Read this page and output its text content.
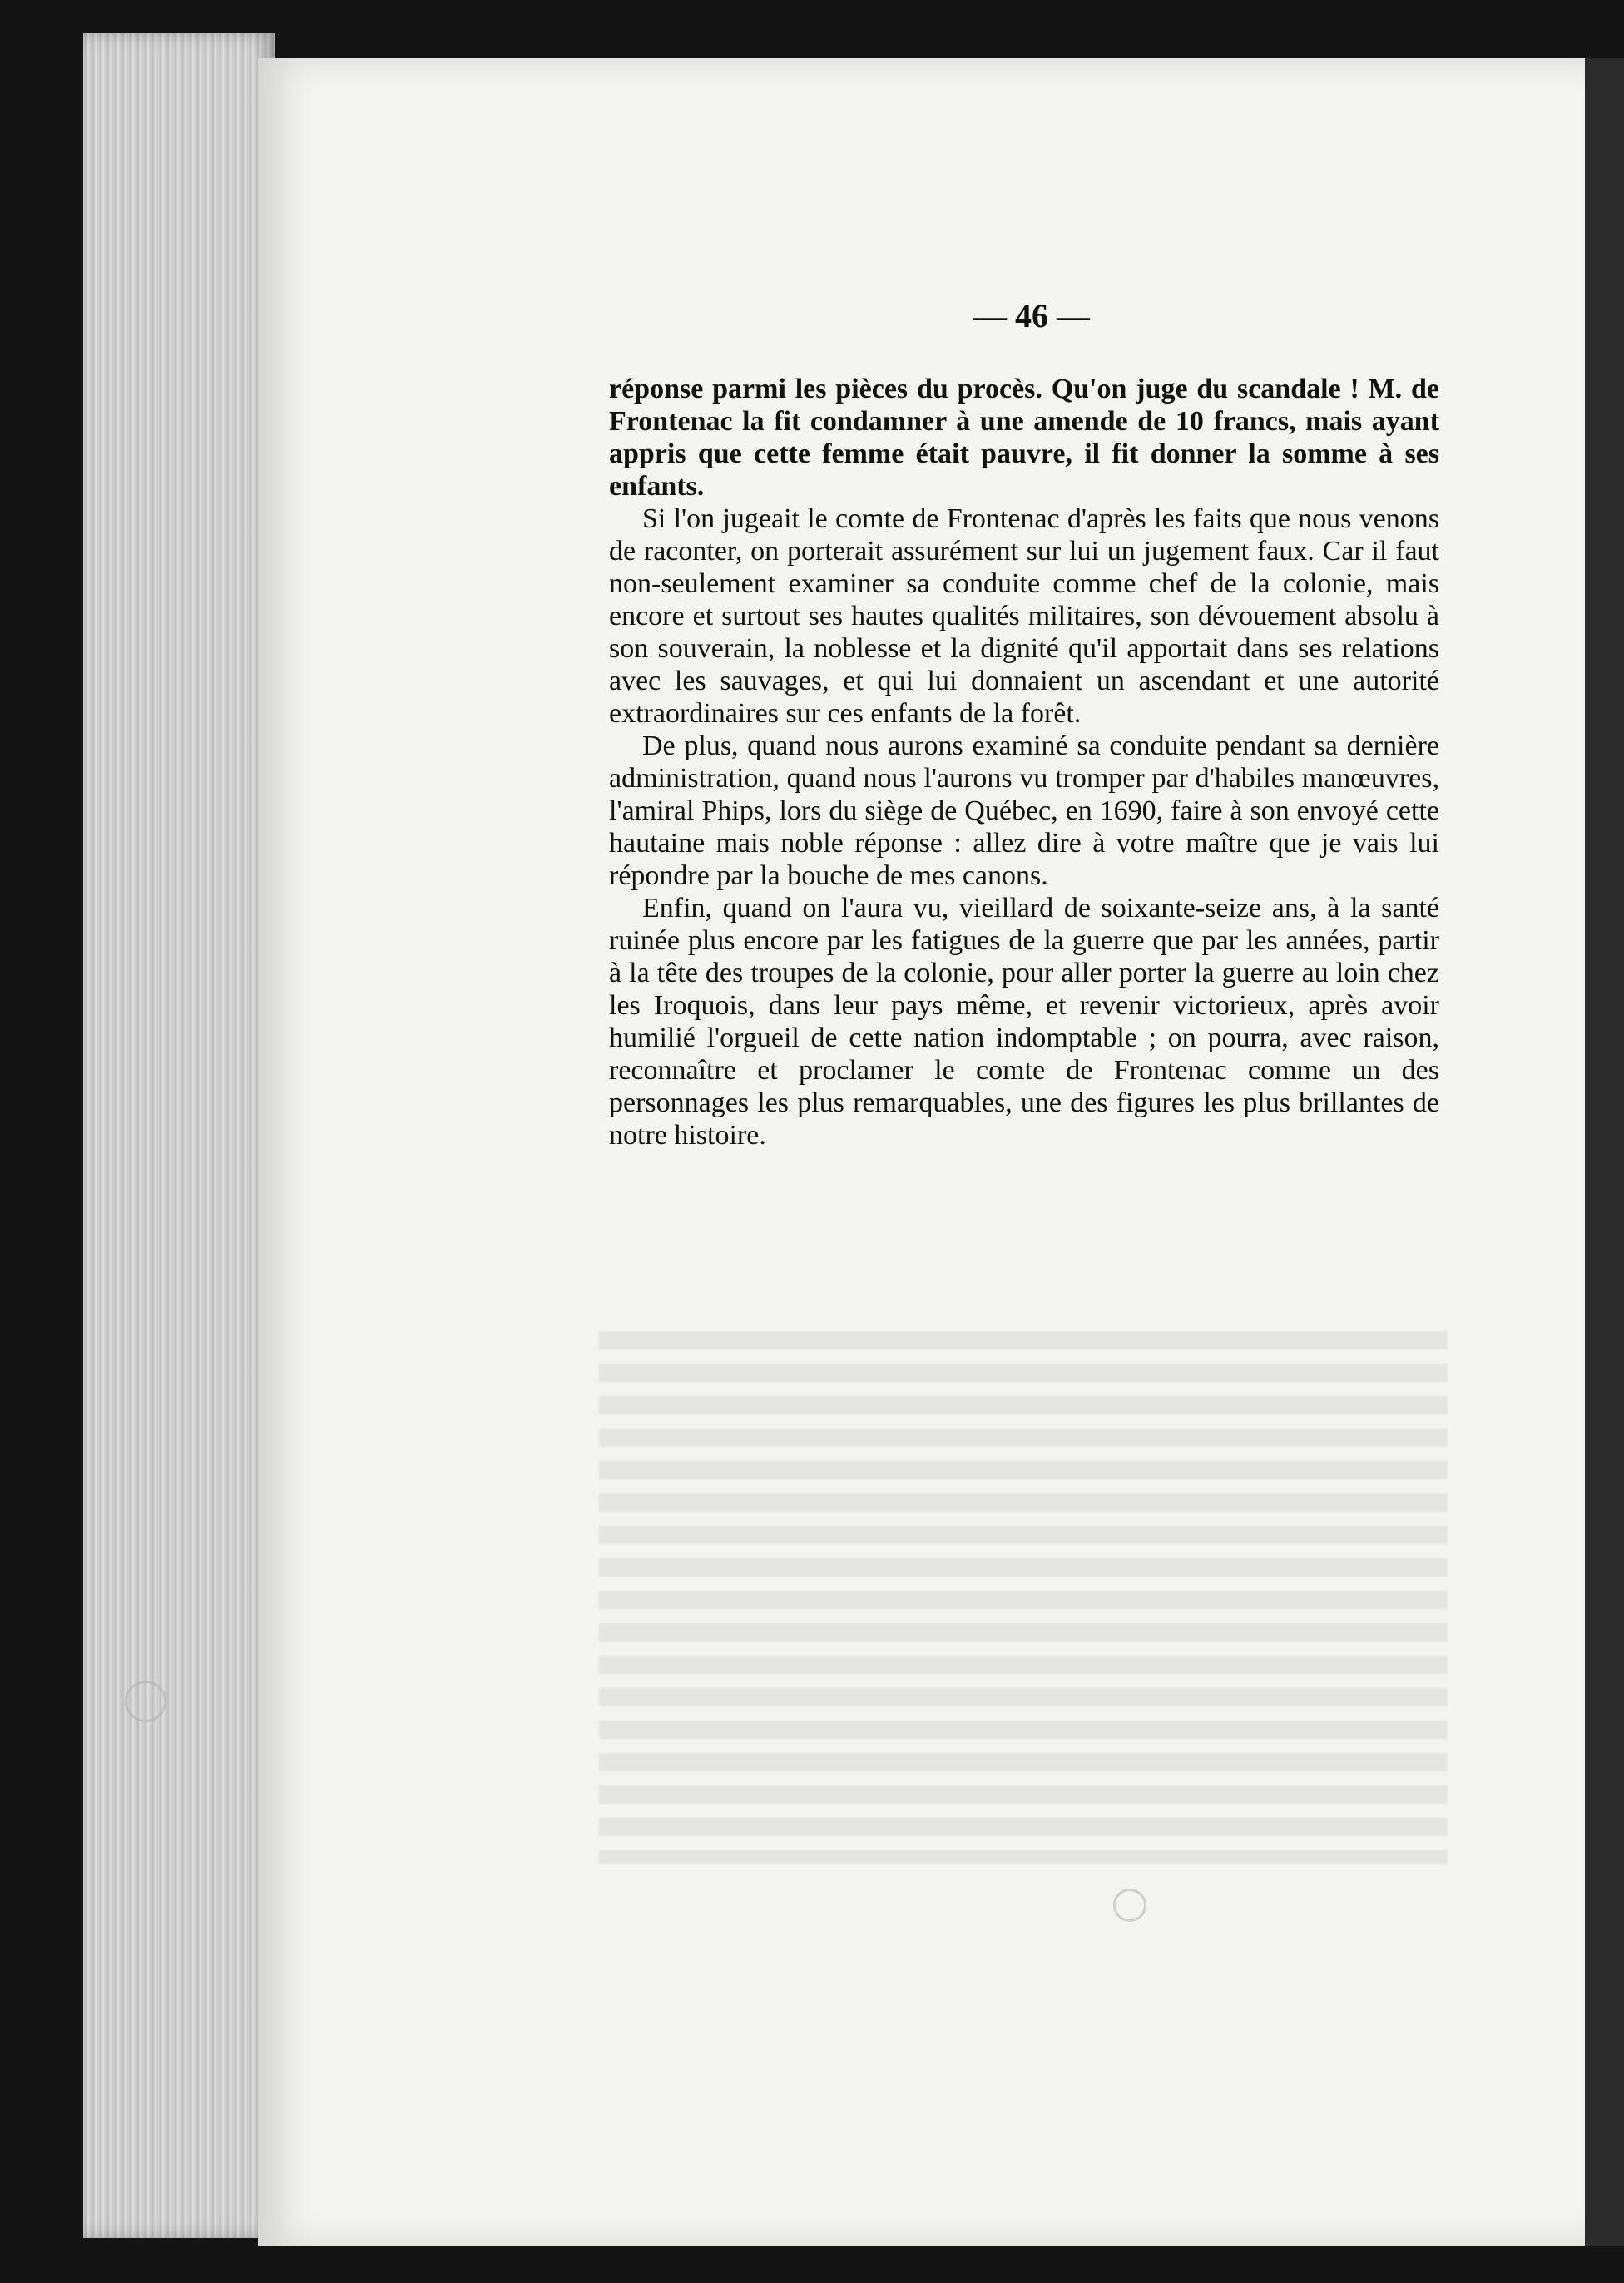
— 46 —

réponse parmi les pièces du procès. Qu'on juge du scandale ! M. de Frontenac la fit condamner à une amende de 10 francs, mais ayant appris que cette femme était pauvre, il fit donner la somme à ses enfants.

Si l'on jugeait le comte de Frontenac d'après les faits que nous venons de raconter, on porterait assurément sur lui un jugement faux. Car il faut non-seulement examiner sa conduite comme chef de la colonie, mais encore et surtout ses hautes qualités militaires, son dévouement absolu à son souverain, la noblesse et la dignité qu'il apportait dans ses relations avec les sauvages, et qui lui donnaient un ascendant et une autorité extraordinaires sur ces enfants de la forêt.

De plus, quand nous aurons examiné sa conduite pendant sa dernière administration, quand nous l'aurons vu tromper par d'habiles manœuvres, l'amiral Phips, lors du siège de Québec, en 1690, faire à son envoyé cette hautaine mais noble réponse : allez dire à votre maître que je vais lui répondre par la bouche de mes canons.

Enfin, quand on l'aura vu, vieillard de soixante-seize ans, à la santé ruinée plus encore par les fatigues de la guerre que par les années, partir à la tête des troupes de la colonie, pour aller porter la guerre au loin chez les Iroquois, dans leur pays même, et revenir victorieux, après avoir humilié l'orgueil de cette nation indomptable ; on pourra, avec raison, reconnaître et proclamer le comte de Frontenac comme un des personnages les plus remarquables, une des figures les plus brillantes de notre histoire.
